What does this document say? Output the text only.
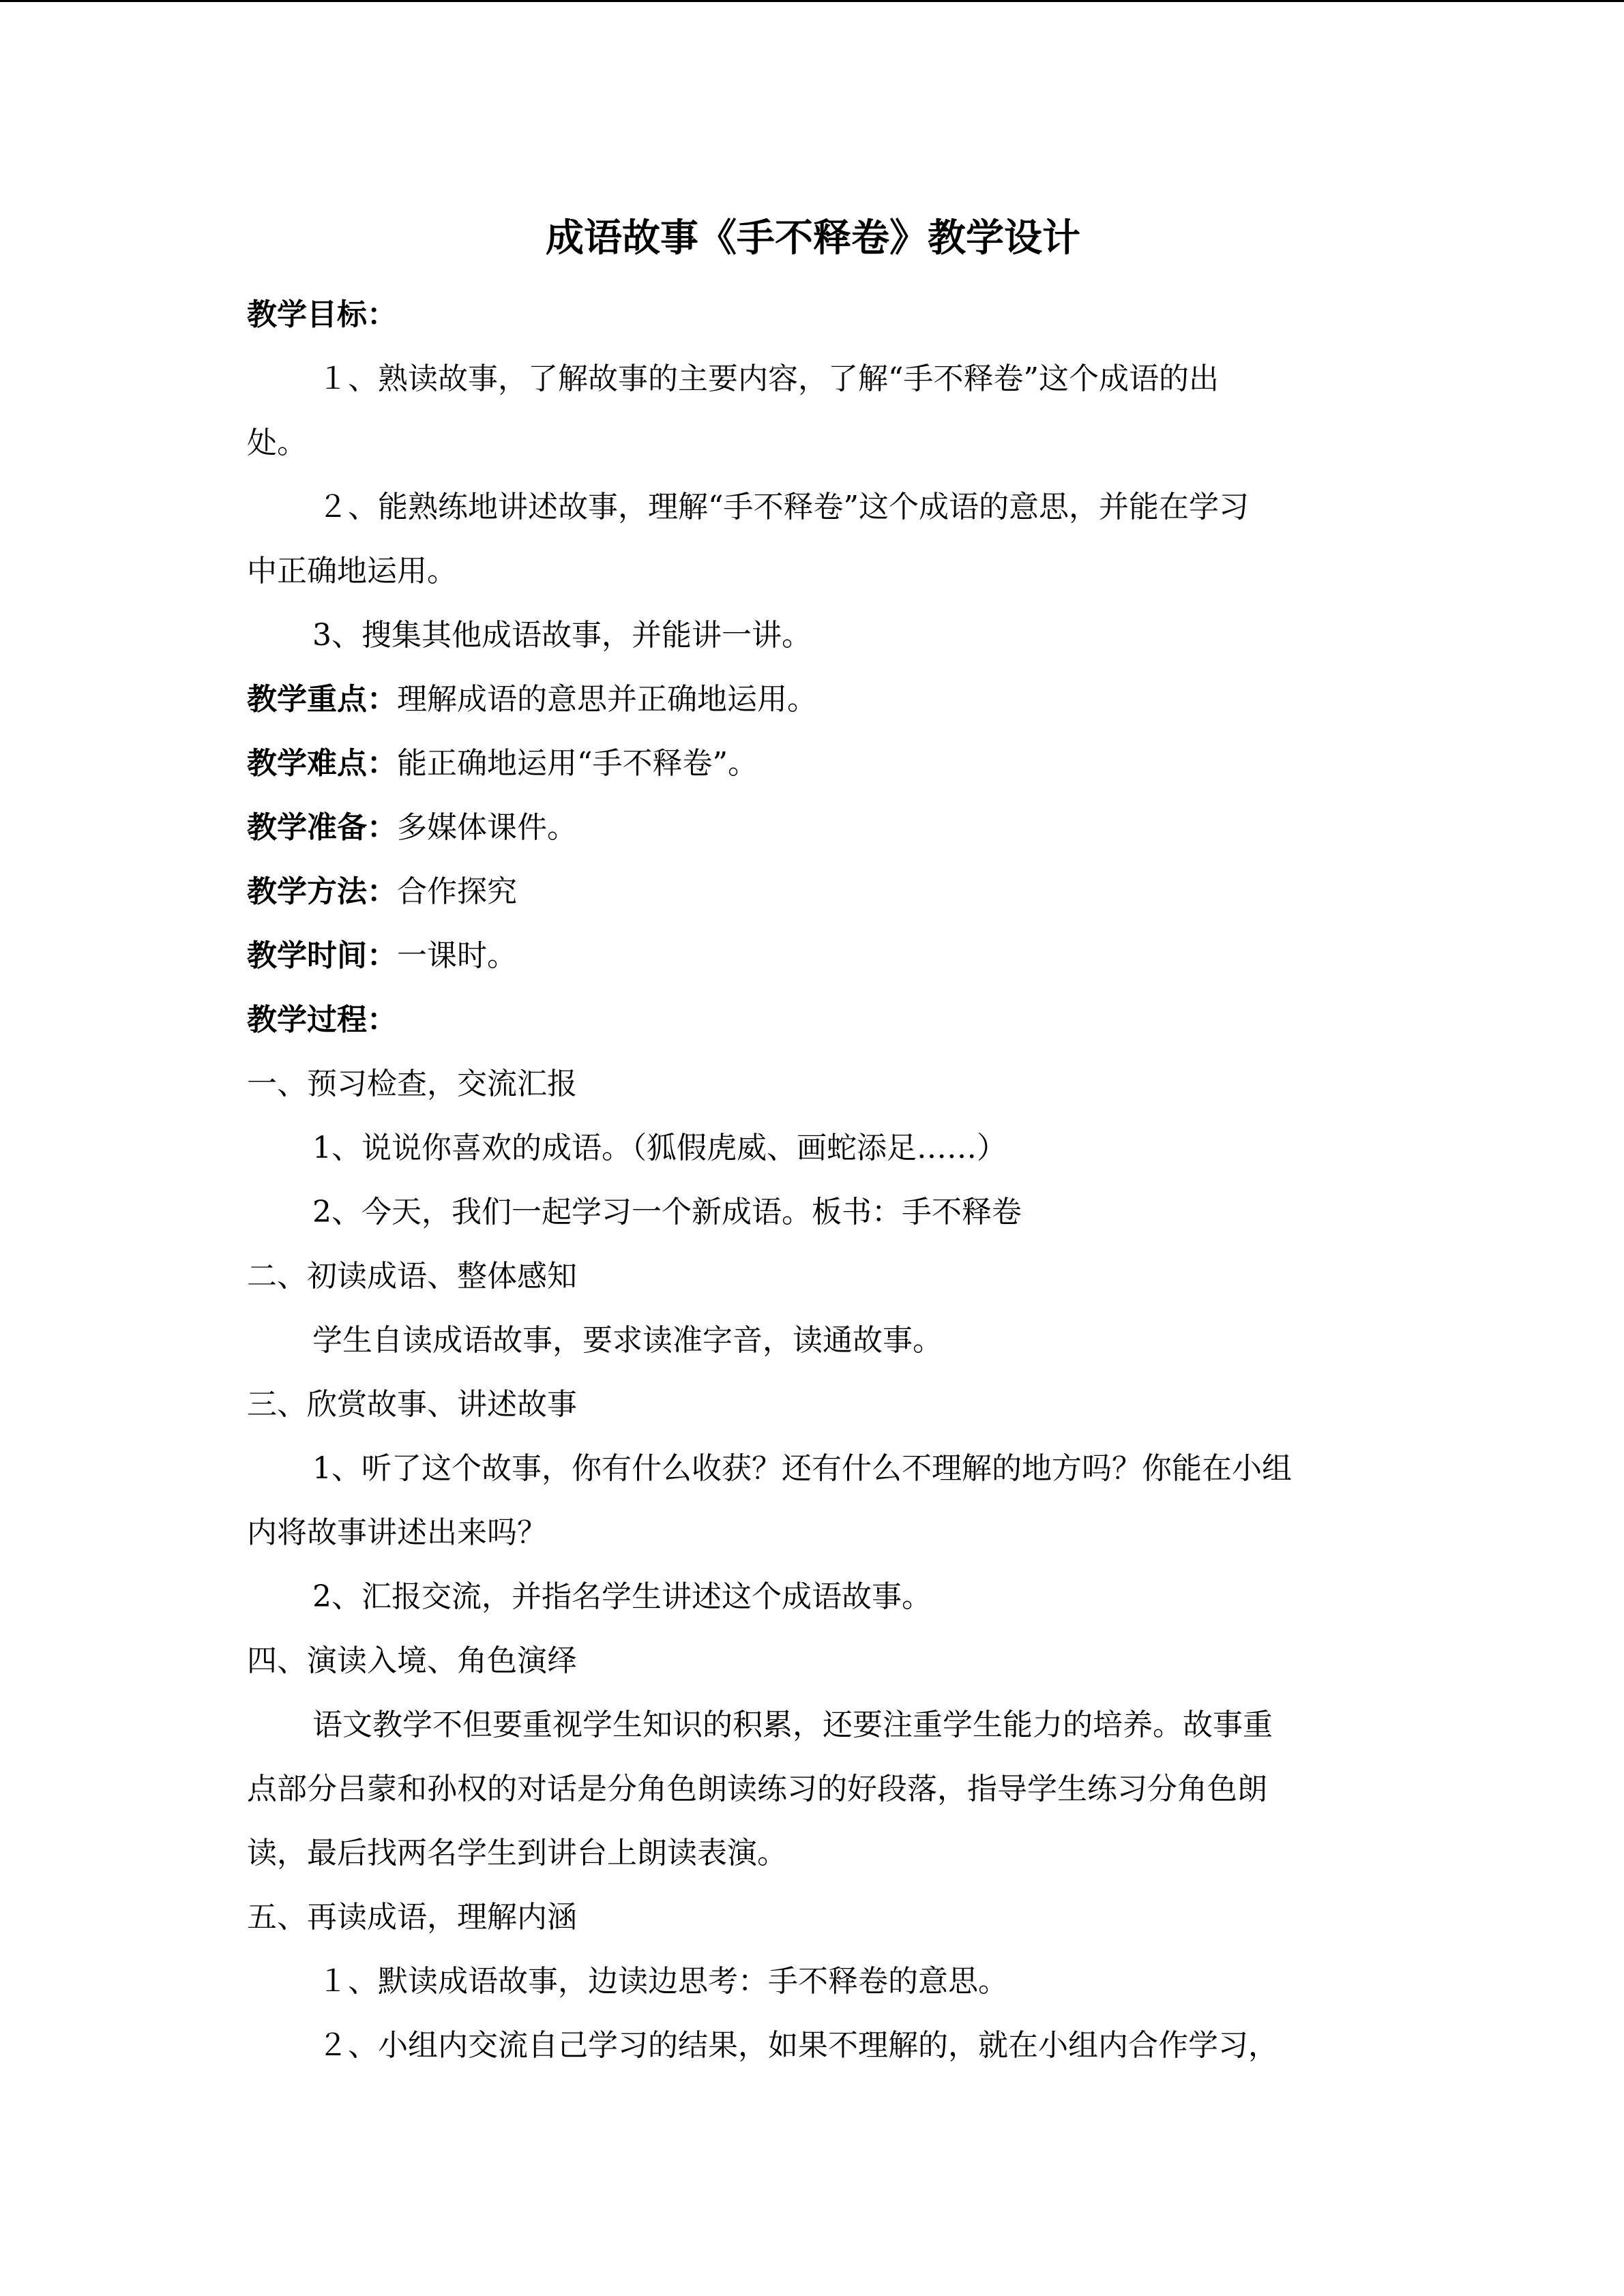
成语故事《手不释卷》教学设计

教学目标：

１、熟读故事，了解故事的主要内容，了解“手不释卷”这个成语的出

处。

２、能熟练地讲述故事，理解“手不释卷”这个成语的意思，并能在学习

中正确地运用。

3、搜集其他成语故事，并能讲一讲。

教学重点：理解成语的意思并正确地运用。

教学难点：能正确地运用“手不释卷”。

教学准备：多媒体课件。

教学方法：合作探究

教学时间：一课时。

教学过程：

一、预习检查，交流汇报

1、说说你喜欢的成语。（狐假虎威、画蛇添足……）

2、今天，我们一起学习一个新成语。板书：手不释卷

二、初读成语、整体感知

学生自读成语故事，要求读准字音，读通故事。

三、欣赏故事、讲述故事

1、听了这个故事，你有什么收获？还有什么不理解的地方吗？你能在小组

内将故事讲述出来吗？

2、汇报交流，并指名学生讲述这个成语故事。

四、演读入境、角色演绎

语文教学不但要重视学生知识的积累，还要注重学生能力的培养。故事重

点部分吕蒙和孙权的对话是分角色朗读练习的好段落，指导学生练习分角色朗

读，最后找两名学生到讲台上朗读表演。

五、再读成语，理解内涵

１、默读成语故事，边读边思考：手不释卷的意思。

２、小组内交流自己学习的结果，如果不理解的，就在小组内合作学习，
